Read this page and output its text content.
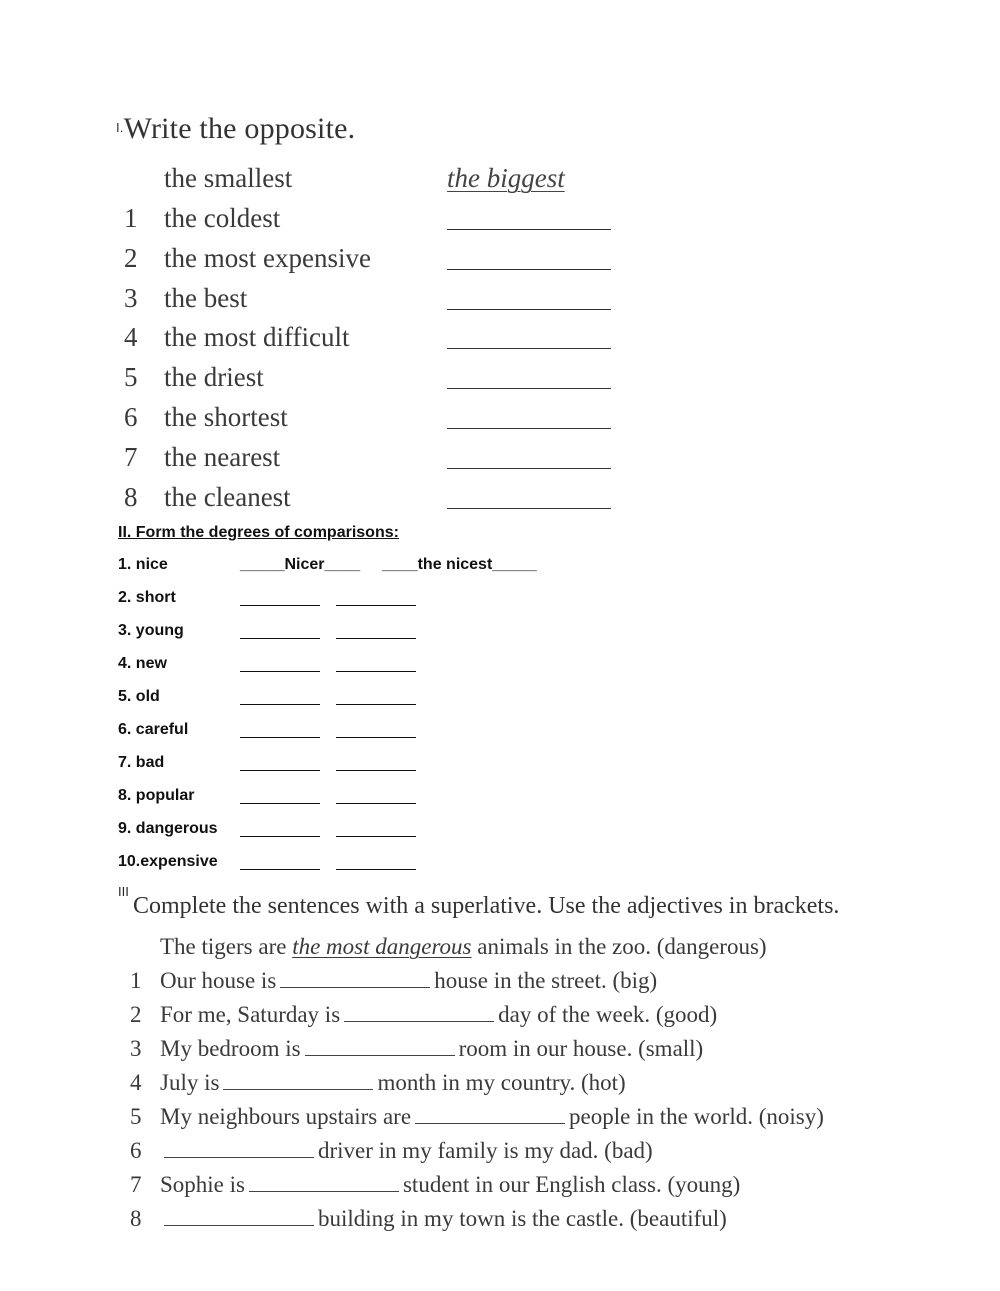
$^{I.}$Write the opposite.
the smallest	the biggest
1 the coldest
2 the most expensive
3 the best
4 the most difficult
5 the driest
6 the shortest
7 the nearest
8 the cleanest
II. Form the degrees of comparisons:
1. nice	_____Nicer____ ____the nicest_____
2. short
3. young
4. new
5. old
6. careful
7. bad
8. popular
9. dangerous
10.expensive
III
Complete the sentences with a superlative. Use the adjectives in brackets.
The tigers are the most dangerous animals in the zoo. (dangerous)
1 Our house is	house in the street. (big)
2 For me, Saturday is	day of the week. (good)
3 My bedroom is	room in our house. (small)
4 July is	month in my country. (hot)
5 My neighbours upstairs are	people in the world. (noisy)
6	driver in my family is my dad. (bad)
7 Sophie is	student in our English class. (young)
8	building in my town is the castle. (beautiful)
